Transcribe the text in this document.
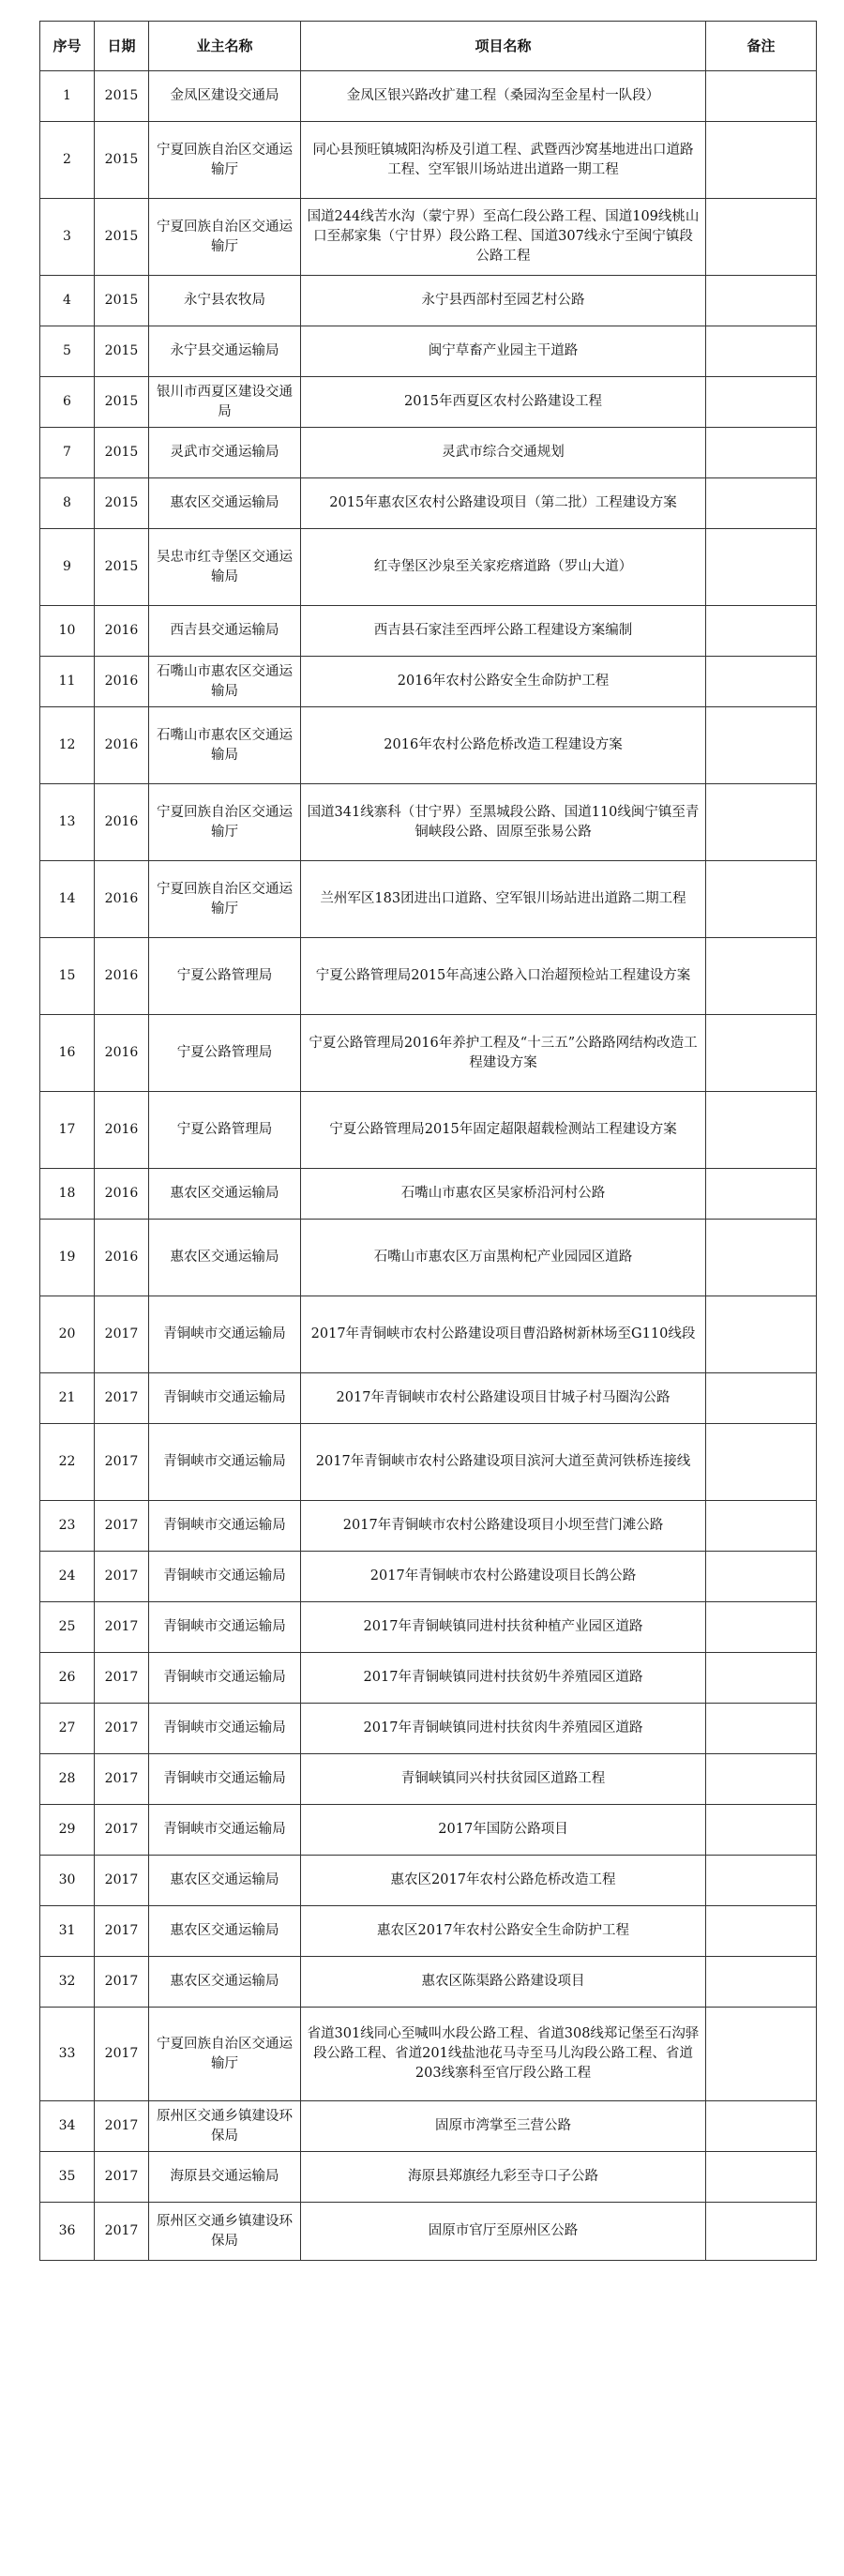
序号	日期	业主名称	项目名称	备注
1	2015	金凤区建设交通局	金凤区银兴路改扩建工程（桑园沟至金星村一队段）	
2	2015	宁夏回族自治区交通运输厅	同心县预旺镇城阳沟桥及引道工程、武暨西沙窝基地进出口道路工程、空军银川场站进出道路一期工程	
3	2015	宁夏回族自治区交通运输厅	国道244线苦水沟（蒙宁界）至高仁段公路工程、国道109线桃山口至郝家集（宁甘界）段公路工程、国道307线永宁至闽宁镇段公路工程	
4	2015	永宁县农牧局	永宁县西部村至园艺村公路	
5	2015	永宁县交通运输局	闽宁草畜产业园主干道路	
6	2015	银川市西夏区建设交通局	2015年西夏区农村公路建设工程	
7	2015	灵武市交通运输局	灵武市综合交通规划	
8	2015	惠农区交通运输局	2015年惠农区农村公路建设项目（第二批）工程建设方案	
9	2015	吴忠市红寺堡区交通运输局	红寺堡区沙泉至关家疙瘩道路（罗山大道）	
10	2016	西吉县交通运输局	西吉县石家洼至西坪公路工程建设方案编制	
11	2016	石嘴山市惠农区交通运输局	2016年农村公路安全生命防护工程	
12	2016	石嘴山市惠农区交通运输局	2016年农村公路危桥改造工程建设方案	
13	2016	宁夏回族自治区交通运输厅	国道341线寨科（甘宁界）至黑城段公路、国道110线闽宁镇至青铜峡段公路、固原至张易公路	
14	2016	宁夏回族自治区交通运输厅	兰州军区183团进出口道路、空军银川场站进出道路二期工程	
15	2016	宁夏公路管理局	宁夏公路管理局2015年高速公路入口治超预检站工程建设方案	
16	2016	宁夏公路管理局	宁夏公路管理局2016年养护工程及“十三五”公路路网结构改造工程建设方案	
17	2016	宁夏公路管理局	宁夏公路管理局2015年固定超限超载检测站工程建设方案	
18	2016	惠农区交通运输局	石嘴山市惠农区吴家桥沿河村公路	
19	2016	惠农区交通运输局	石嘴山市惠农区万亩黑枸杞产业园园区道路	
20	2017	青铜峡市交通运输局	2017年青铜峡市农村公路建设项目曹沿路树新林场至G110线段	
21	2017	青铜峡市交通运输局	2017年青铜峡市农村公路建设项目甘城子村马圈沟公路	
22	2017	青铜峡市交通运输局	2017年青铜峡市农村公路建设项目滨河大道至黄河铁桥连接线	
23	2017	青铜峡市交通运输局	2017年青铜峡市农村公路建设项目小坝至营门滩公路	
24	2017	青铜峡市交通运输局	2017年青铜峡市农村公路建设项目长鸽公路	
25	2017	青铜峡市交通运输局	2017年青铜峡镇同进村扶贫种植产业园区道路	
26	2017	青铜峡市交通运输局	2017年青铜峡镇同进村扶贫奶牛养殖园区道路	
27	2017	青铜峡市交通运输局	2017年青铜峡镇同进村扶贫肉牛养殖园区道路	
28	2017	青铜峡市交通运输局	青铜峡镇同兴村扶贫园区道路工程	
29	2017	青铜峡市交通运输局	2017年国防公路项目	
30	2017	惠农区交通运输局	惠农区2017年农村公路危桥改造工程	
31	2017	惠农区交通运输局	惠农区2017年农村公路安全生命防护工程	
32	2017	惠农区交通运输局	惠农区陈渠路公路建设项目	
33	2017	宁夏回族自治区交通运输厅	省道301线同心至喊叫水段公路工程、省道308线郑记堡至石沟驿段公路工程、省道201线盐池花马寺至马儿沟段公路工程、省道203线寨科至官厅段公路工程	
34	2017	原州区交通乡镇建设环保局	固原市湾掌至三营公路	
35	2017	海原县交通运输局	海原县郑旗经九彩至寺口子公路	
36	2017	原州区交通乡镇建设环保局	固原市官厅至原州区公路	
